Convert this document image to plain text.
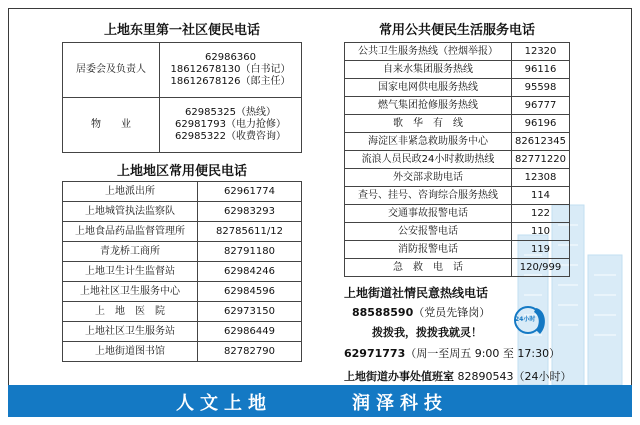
上地东里第一社区便民电话
居委会及负责人	62986360
18612678130（白书记）
18612678126（郎主任）

物　　业	62985325（热线）
62981793（电力抢修）
62985322（收费咨询）
上地地区常用便民电话
上地派出所	62961774
上地城管执法监察队	62983293
上地食品药品监督管理所	82785611/12
青龙桥工商所	82791180
上地卫生计生监督站	62984246
上地社区卫生服务中心	62984596
上　地　医　院	62973150
上地社区卫生服务站	62986449
上地街道图书馆	82782790
常用公共便民生活服务电话
公共卫生服务热线（控烟举报）	12320
自来水集团服务热线	96116
国家电网供电服务热线	95598
燃气集团抢修服务热线	96777
歌　华　有　线	96196
海淀区非紧急救助服务中心	82612345
流浪人员民政24小时救助热线	82771220
外交部求助电话	12308
查号、挂号、咨询综合服务热线	114
交通事故报警电话	122
公安报警电话	110
消防报警电话	119
急　救　电　话	120/999
上地街道社情民意热线电话
88588590（党员先锋岗）
拨拨我，拨拨我就灵！
62971773（周一至周五 9:00 至 17:30）
上地街道办事处值班室 82890543（24小时）
24小时
人文上地	润泽科技
